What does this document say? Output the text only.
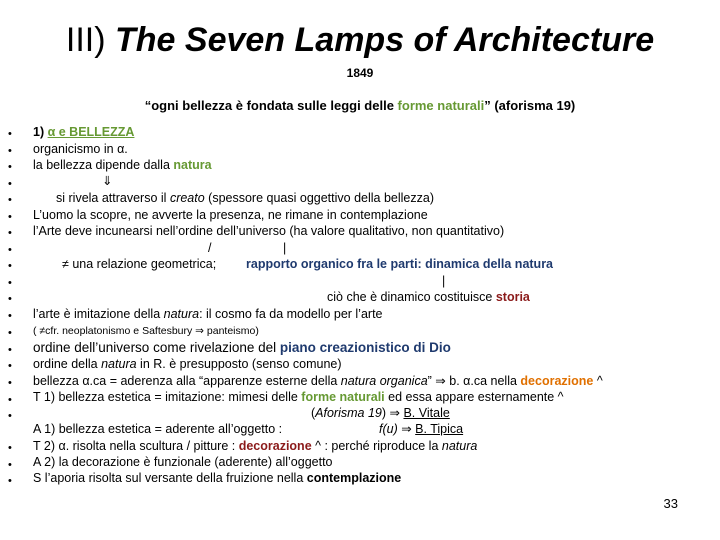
III) The Seven Lamps of Architecture
1849
“ogni bellezza è fondata sulle leggi delle forme naturali” (aforisma 19)
•
•
•
•
•
•
•
•
•
•
•
•
•
•
•
•
•
•
•
•
•
1) α e BELLEZZA
organicismo in α.
la bellezza dipende dalla natura
⇓
si rivela attraverso il creato (spessore quasi oggettivo della bellezza)
L’uomo la scopre, ne avverte la presenza, ne rimane in contemplazione
l’Arte deve incunearsi nell’ordine dell’universo (ha valore qualitativo, non quantitativo)
/	|
≠ una relazione geometrica; rapporto organico fra le parti: dinamica della natura
|
ciò che è dinamico costituisce storia
l’arte è imitazione della natura: il cosmo fa da modello per l’arte
( ≠cfr. neoplatonismo e Saftesbury ⇒ panteismo)
ordine dell’universo come rivelazione del piano creazionistico di Dio
ordine della natura in R. è presupposto (senso comune)
bellezza α.ca = aderenza alla “apparenze esterne della natura organica” ⇒ b. α.ca nella decorazione ^
T 1) bellezza estetica = imitazione: mimesi delle forme naturali ed essa appare esternamente ^
(Aforisma 19) ⇒ B. Vitale
A 1) bellezza estetica = aderente all’oggetto :	f(u) ⇒ B. Tipica
T 2) α. risolta nella scultura / pitture : decorazione ^ : perché riproduce la natura
A 2) la decorazione è funzionale (aderente) all’oggetto
S l’aporia risolta sul versante della fruizione nella contemplazione
33
